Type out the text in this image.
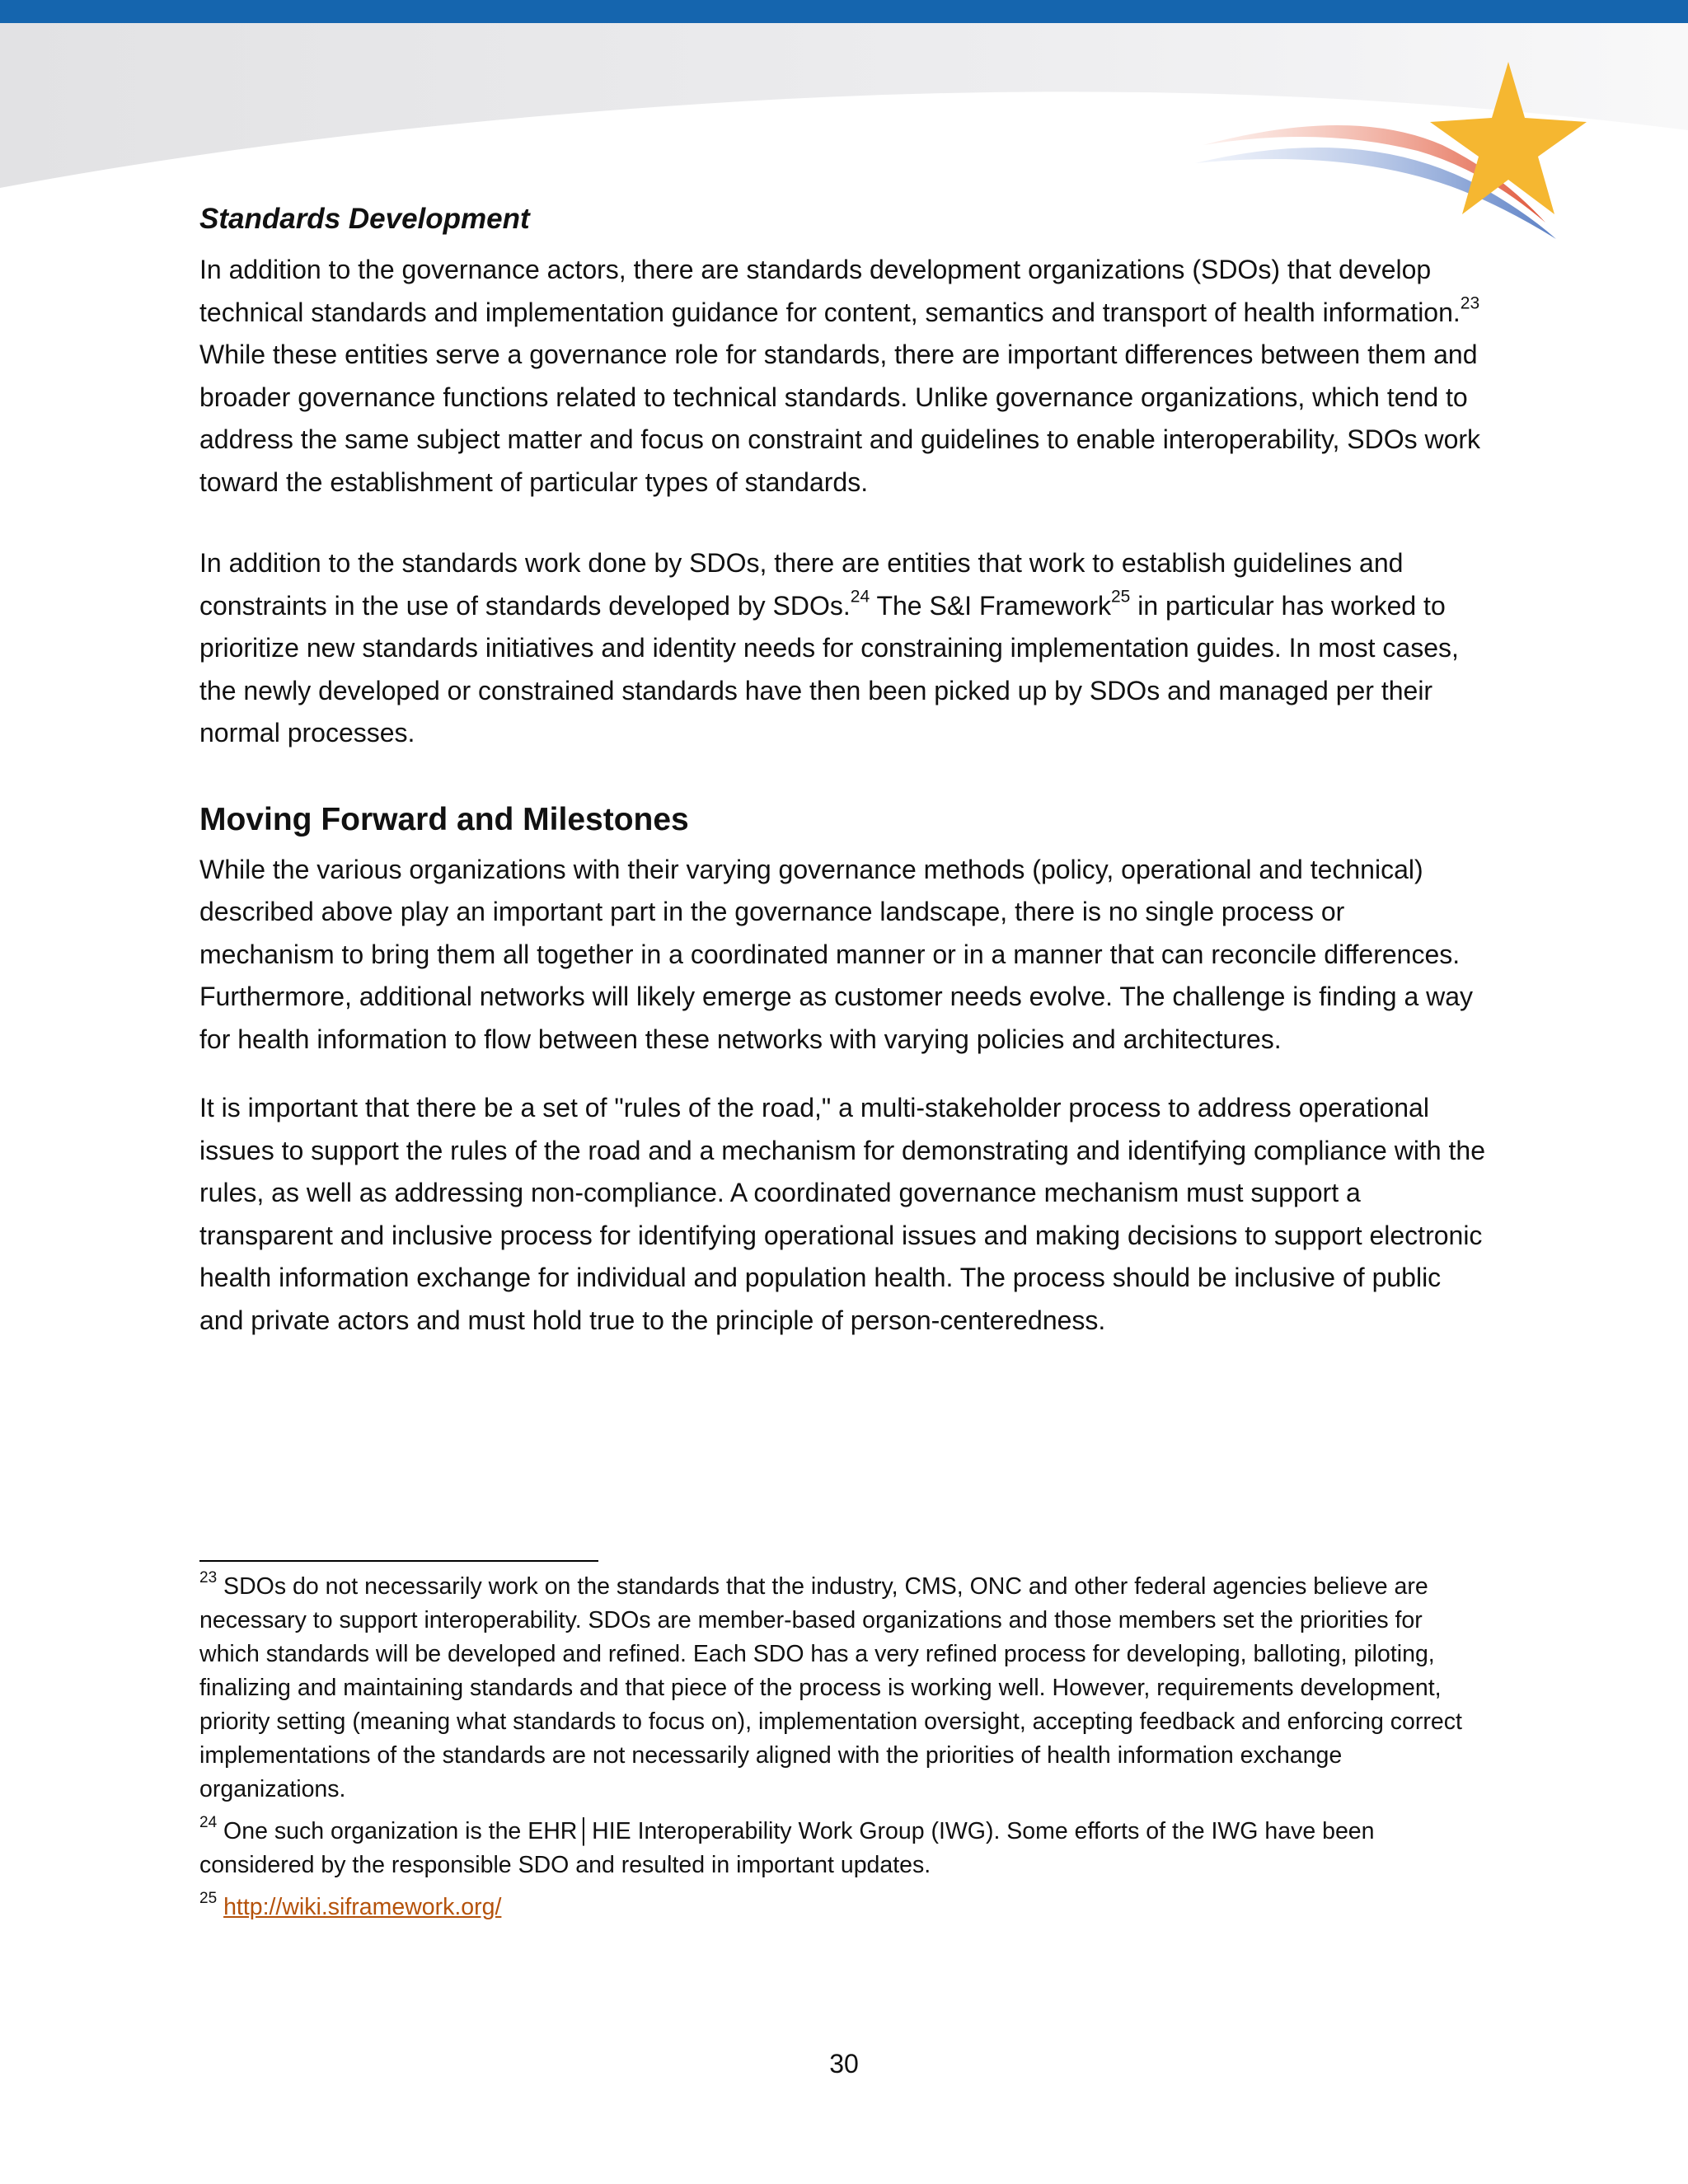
Standards Development

In addition to the governance actors, there are standards development organizations (SDOs) that develop technical standards and implementation guidance for content, semantics and transport of health information.$^{23}$ While these entities serve a governance role for standards, there are important differences between them and broader governance functions related to technical standards. Unlike governance organizations, which tend to address the same subject matter and focus on constraint and guidelines to enable interoperability, SDOs work toward the establishment of particular types of standards.

In addition to the standards work done by SDOs, there are entities that work to establish guidelines and constraints in the use of standards developed by SDOs.$^{24}$ The S&I Framework$^{25}$ in particular has worked to prioritize new standards initiatives and identity needs for constraining implementation guides. In most cases, the newly developed or constrained standards have then been picked up by SDOs and managed per their normal processes.

Moving Forward and Milestones

While the various organizations with their varying governance methods (policy, operational and technical) described above play an important part in the governance landscape, there is no single process or mechanism to bring them all together in a coordinated manner or in a manner that can reconcile differences. Furthermore, additional networks will likely emerge as customer needs evolve. The challenge is finding a way for health information to flow between these networks with varying policies and architectures.

It is important that there be a set of "rules of the road," a multi-stakeholder process to address operational issues to support the rules of the road and a mechanism for demonstrating and identifying compliance with the rules, as well as addressing non-compliance. A coordinated governance mechanism must support a transparent and inclusive process for identifying operational issues and making decisions to support electronic health information exchange for individual and population health. The process should be inclusive of public and private actors and must hold true to the principle of person-centeredness.

$^{23}$ SDOs do not necessarily work on the standards that the industry, CMS, ONC and other federal agencies believe are necessary to support interoperability. SDOs are member-based organizations and those members set the priorities for which standards will be developed and refined. Each SDO has a very refined process for developing, balloting, piloting, finalizing and maintaining standards and that piece of the process is working well. However, requirements development, priority setting (meaning what standards to focus on), implementation oversight, accepting feedback and enforcing correct implementations of the standards are not necessarily aligned with the priorities of health information exchange organizations.

$^{24}$ One such organization is the EHR│HIE Interoperability Work Group (IWG). Some efforts of the IWG have been considered by the responsible SDO and resulted in important updates.

$^{25}$ http://wiki.siframework.org/

30
